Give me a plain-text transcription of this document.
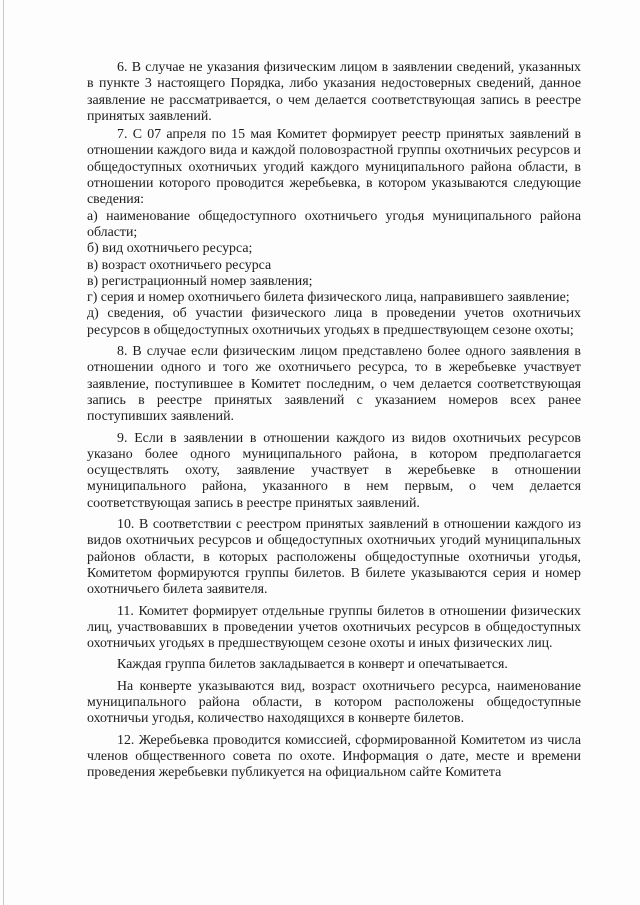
6. В случае не указания физическим лицом в заявлении сведений, указанных в пункте 3 настоящего Порядка, либо указания недостоверных сведений, данное заявление не рассматривается, о чем делается соответствующая запись в реестре принятых заявлений.

7. С 07 апреля по 15 мая Комитет формирует реестр принятых заявлений в отношении каждого вида и каждой половозрастной группы охотничьих ресурсов и общедоступных охотничьих угодий каждого муниципального района области, в отношении которого проводится жеребьевка, в котором указываются следующие сведения:

а) наименование общедоступного охотничьего угодья муниципального района области;

б) вид охотничьего ресурса;

в) возраст охотничьего ресурса

в) регистрационный номер заявления;

г) серия и номер охотничьего билета физического лица, направившего заявление;

д) сведения, об участии физического лица в проведении учетов охотничьих ресурсов в общедоступных охотничьих угодьях в предшествующем сезоне охоты;

8. В случае если физическим лицом представлено более одного заявления в отношении одного и того же охотничьего ресурса, то в жеребьевке участвует заявление, поступившее в Комитет последним, о чем делается соответствующая запись в реестре принятых заявлений с указанием номеров всех ранее поступивших заявлений.

9. Если в заявлении в отношении каждого из видов охотничьих ресурсов указано более одного муниципального района, в котором предполагается осуществлять охоту, заявление участвует в жеребьевке в отношении муниципального района, указанного в нем первым, о чем делается соответствующая запись в реестре принятых заявлений.

10. В соответствии с реестром принятых заявлений в отношении каждого из видов охотничьих ресурсов и общедоступных охотничьих угодий муниципальных районов области, в которых расположены общедоступные охотничьи угодья, Комитетом формируются группы билетов. В билете указываются серия и номер охотничьего билета заявителя.

11. Комитет формирует отдельные группы билетов в отношении физических лиц, участвовавших в проведении учетов охотничьих ресурсов в общедоступных охотничьих угодьях в предшествующем сезоне охоты и иных физических лиц.

Каждая группа билетов закладывается в конверт и опечатывается.

На конверте указываются вид, возраст охотничьего ресурса, наименование муниципального района области, в котором расположены общедоступные охотничьи угодья, количество находящихся в конверте билетов.

12. Жеребьевка проводится комиссией, сформированной Комитетом из числа членов общественного совета по охоте. Информация о дате, месте и времени проведения жеребьевки публикуется на официальном сайте Комитета
